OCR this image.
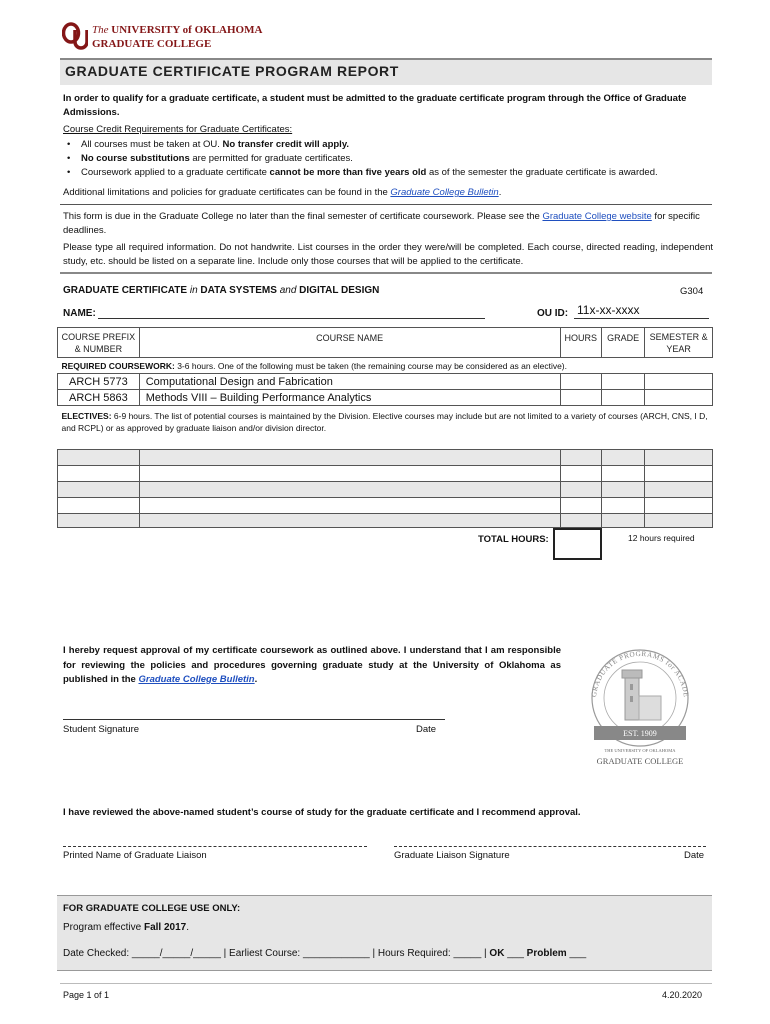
The UNIVERSITY of OKLAHOMA
GRADUATE COLLEGE
GRADUATE CERTIFICATE PROGRAM REPORT
In order to qualify for a graduate certificate, a student must be admitted to the graduate certificate program through the Office of Graduate Admissions.
Course Credit Requirements for Graduate Certificates:
• All courses must be taken at OU. No transfer credit will apply.
• No course substitutions are permitted for graduate certificates.
• Coursework applied to a graduate certificate cannot be more than five years old as of the semester the graduate certificate is awarded.
Additional limitations and policies for graduate certificates can be found in the Graduate College Bulletin.
This form is due in the Graduate College no later than the final semester of certificate coursework. Please see the Graduate College website for specific deadlines.
Please type all required information. Do not handwrite. List courses in the order they were/will be completed. Each course, directed reading, independent study, etc. should be listed on a separate line. Include only those courses that will be applied to the certificate.
GRADUATE CERTIFICATE in DATA SYSTEMS and DIGITAL DESIGN	G304
NAME:	OU ID: 11x-xx-xxxx
COURSE PREFIX & NUMBER	COURSE NAME	HOURS	GRADE	SEMESTER & YEAR
REQUIRED COURSEWORK: 3-6 hours. One of the following must be taken (the remaining course may be considered as an elective).				
ARCH 5773	Computational Design and Fabrication			
ARCH 5863	Methods VIII – Building Performance Analytics			
ELECTIVES: 6-9 hours. The list of potential courses is maintained by the Division. Elective courses may include but are not limited to a variety of courses (ARCH, CNS, I D, and RCPL) or as approved by graduate liaison and/or division director.				

TOTAL HOURS:	12 hours required
I hereby request approval of my certificate coursework as outlined above. I understand that I am responsible for reviewing the policies and procedures governing graduate study at the University of Oklahoma as published in the Graduate College Bulletin.
Student Signature	Date
GRADUATE PROGRAMS for ACADE
EST. 1909
THE UNIVERSITY OF OKLAHOMA
GRADUATE COLLEGE
I have reviewed the above-named student’s course of study for the graduate certificate and I recommend approval.
Printed Name of Graduate Liaison	Graduate Liaison Signature	Date
FOR GRADUATE COLLEGE USE ONLY:
Program effective Fall 2017.
Date Checked: _____/_____/_____ | Earliest Course: ____________ | Hours Required: _____ | OK ___ Problem ___
Page 1 of 1	4.20.2020
